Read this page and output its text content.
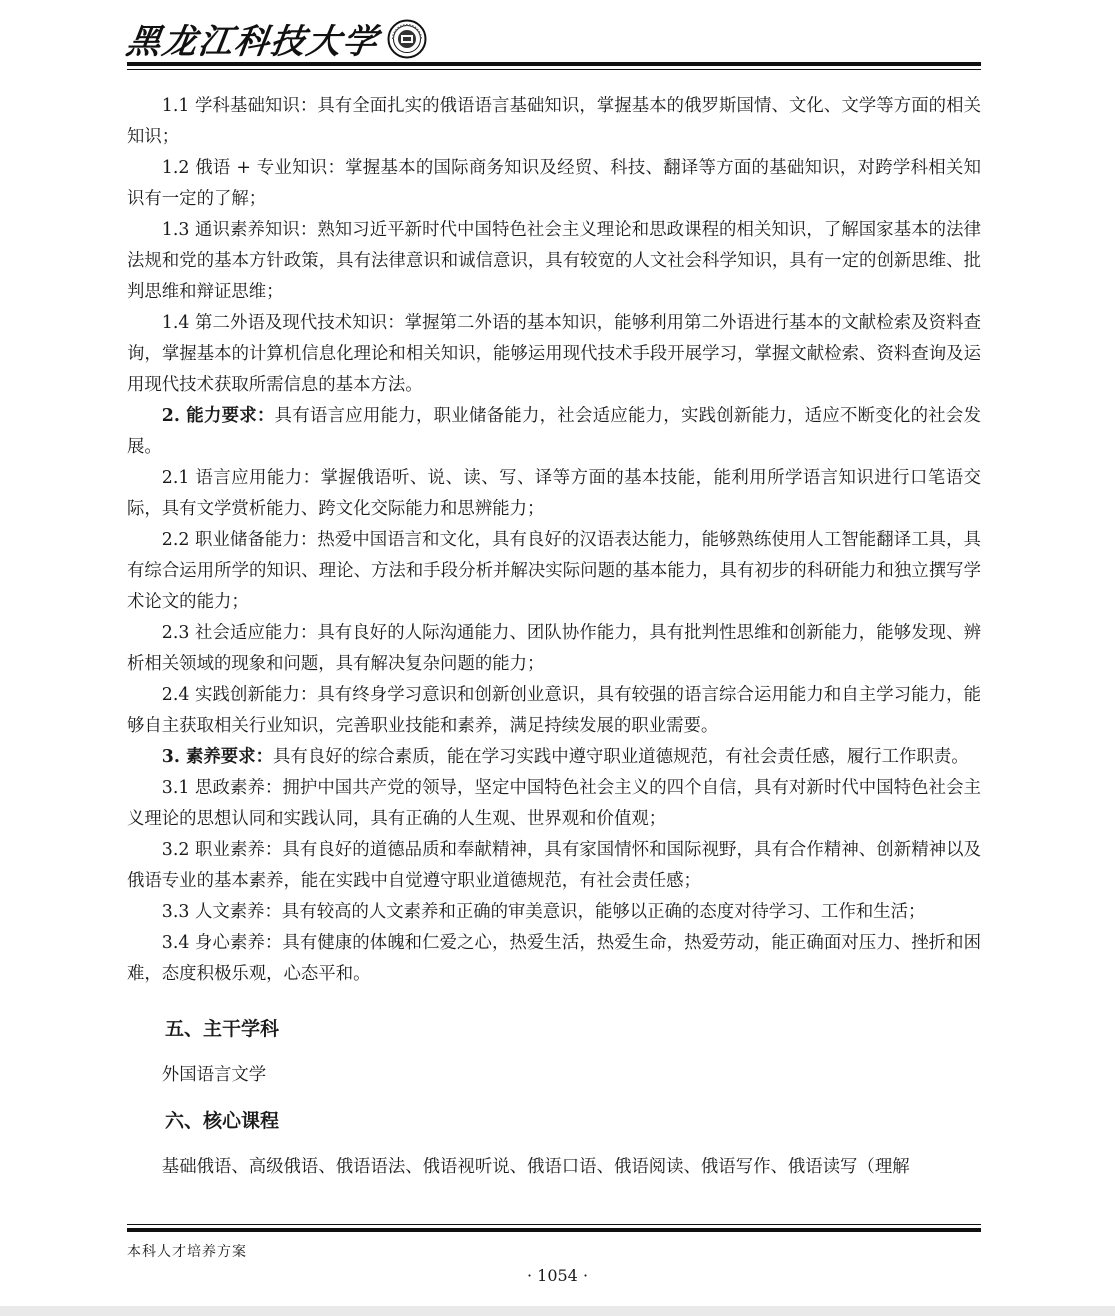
黑龙江科技大学

1.1 学科基础知识：具有全面扎实的俄语语言基础知识，掌握基本的俄罗斯国情、文化、文学等方面的相关知识；

1.2 俄语 + 专业知识：掌握基本的国际商务知识及经贸、科技、翻译等方面的基础知识，对跨学科相关知识有一定的了解；

1.3 通识素养知识：熟知习近平新时代中国特色社会主义理论和思政课程的相关知识，了解国家基本的法律法规和党的基本方针政策，具有法律意识和诚信意识，具有较宽的人文社会科学知识，具有一定的创新思维、批判思维和辩证思维；

1.4 第二外语及现代技术知识：掌握第二外语的基本知识，能够利用第二外语进行基本的文献检索及资料查询，掌握基本的计算机信息化理论和相关知识，能够运用现代技术手段开展学习，掌握文献检索、资料查询及运用现代技术获取所需信息的基本方法。

2. 能力要求：具有语言应用能力，职业储备能力，社会适应能力，实践创新能力，适应不断变化的社会发展。

2.1 语言应用能力：掌握俄语听、说、读、写、译等方面的基本技能，能利用所学语言知识进行口笔语交际，具有文学赏析能力、跨文化交际能力和思辨能力；

2.2 职业储备能力：热爱中国语言和文化，具有良好的汉语表达能力，能够熟练使用人工智能翻译工具，具有综合运用所学的知识、理论、方法和手段分析并解决实际问题的基本能力，具有初步的科研能力和独立撰写学术论文的能力；

2.3 社会适应能力：具有良好的人际沟通能力、团队协作能力，具有批判性思维和创新能力，能够发现、辨析相关领域的现象和问题，具有解决复杂问题的能力；

2.4 实践创新能力：具有终身学习意识和创新创业意识，具有较强的语言综合运用能力和自主学习能力，能够自主获取相关行业知识，完善职业技能和素养，满足持续发展的职业需要。

3. 素养要求：具有良好的综合素质，能在学习实践中遵守职业道德规范，有社会责任感，履行工作职责。

3.1 思政素养：拥护中国共产党的领导，坚定中国特色社会主义的四个自信，具有对新时代中国特色社会主义理论的思想认同和实践认同，具有正确的人生观、世界观和价值观；

3.2 职业素养：具有良好的道德品质和奉献精神，具有家国情怀和国际视野，具有合作精神、创新精神以及俄语专业的基本素养，能在实践中自觉遵守职业道德规范，有社会责任感；

3.3 人文素养：具有较高的人文素养和正确的审美意识，能够以正确的态度对待学习、工作和生活；

3.4 身心素养：具有健康的体魄和仁爱之心，热爱生活，热爱生命，热爱劳动，能正确面对压力、挫折和困难，态度积极乐观，心态平和。

五、主干学科

外国语言文学

六、核心课程

基础俄语、高级俄语、俄语语法、俄语视听说、俄语口语、俄语阅读、俄语写作、俄语读写（理解

本科人才培养方案
· 1054 ·
